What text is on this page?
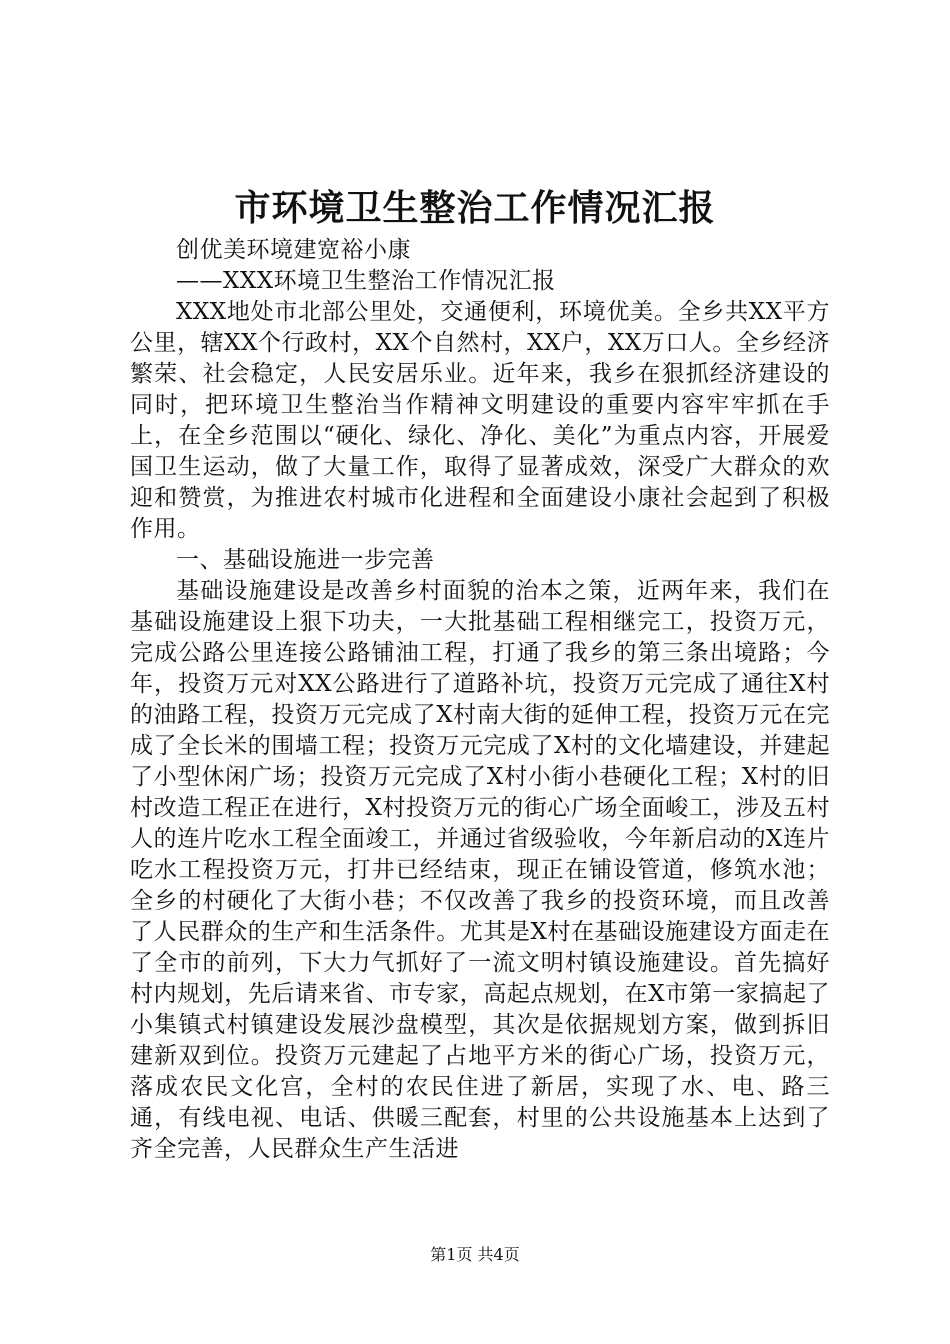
市环境卫生整治工作情况汇报

创优美环境建宽裕小康

——XXX环境卫生整治工作情况汇报

XXX地处市北部公里处，交通便利，环境优美。全乡共XX平方公里，辖XX个行政村，XX个自然村，XX户，XX万口人。全乡经济繁荣、社会稳定，人民安居乐业。近年来，我乡在狠抓经济建设的同时，把环境卫生整治当作精神文明建设的重要内容牢牢抓在手上，在全乡范围以“硬化、绿化、净化、美化”为重点内容，开展爱国卫生运动，做了大量工作，取得了显著成效，深受广大群众的欢迎和赞赏，为推进农村城市化进程和全面建设小康社会起到了积极作用。

一、基础设施进一步完善

基础设施建设是改善乡村面貌的治本之策，近两年来，我们在基础设施建设上狠下功夫，一大批基础工程相继完工，投资万元，完成公路公里连接公路铺油工程，打通了我乡的第三条出境路；今年，投资万元对XX公路进行了道路补坑，投资万元完成了通往X村的油路工程，投资万元完成了X村南大街的延伸工程，投资万元在完成了全长米的围墙工程；投资万元完成了X村的文化墙建设，并建起了小型休闲广场；投资万元完成了X村小街小巷硬化工程；X村的旧村改造工程正在进行，X村投资万元的街心广场全面峻工，涉及五村人的连片吃水工程全面竣工，并通过省级验收，今年新启动的X连片吃水工程投资万元，打井已经结束，现正在铺设管道，修筑水池；全乡的村硬化了大街小巷；不仅改善了我乡的投资环境，而且改善了人民群众的生产和生活条件。尤其是X村在基础设施建设方面走在了全市的前列，下大力气抓好了一流文明村镇设施建设。首先搞好村内规划，先后请来省、市专家，高起点规划，在X市第一家搞起了小集镇式村镇建设发展沙盘模型，其次是依据规划方案，做到拆旧建新双到位。投资万元建起了占地平方米的街心广场，投资万元，落成农民文化宫，全村的农民住进了新居，实现了水、电、路三通，有线电视、电话、供暖三配套，村里的公共设施基本上达到了齐全完善，人民群众生产生活进

第1页 共4页
